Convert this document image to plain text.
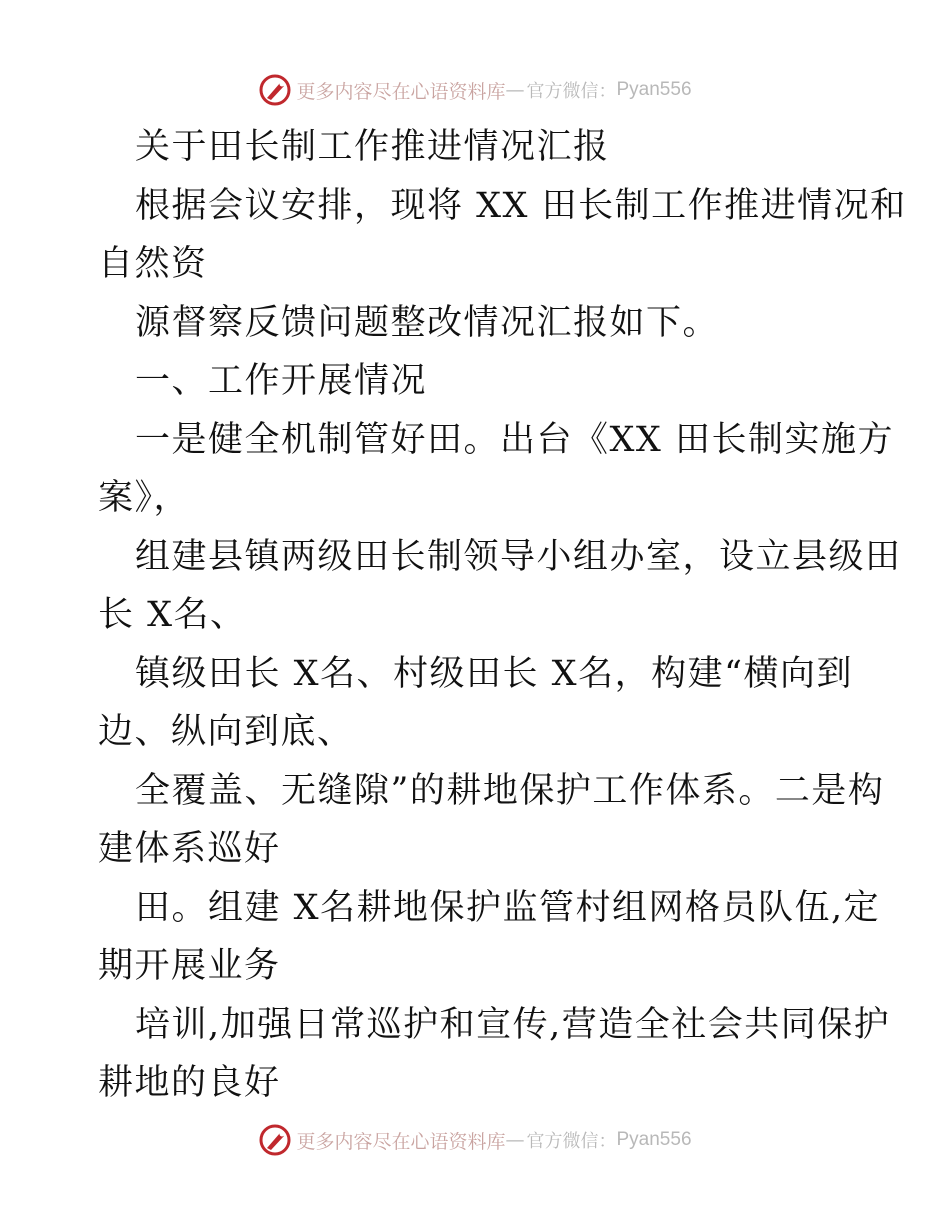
更多内容尽在心语资料库 — 官方微信： Pyan556
关于田长制工作推进情况汇报
根据会议安排，现将 XX 田长制工作推进情况和
自然资
源督察反馈问题整改情况汇报如下。
一、工作开展情况
一是健全机制管好田。出台《XX 田长制实施方
案》，
组建县镇两级田长制领导小组办室，设立县级田
长 X名、
镇级田长 X名、村级田长 X名，构建“横向到
边、纵向到底、
全覆盖、无缝隙”的耕地保护工作体系。二是构
建体系巡好
田。组建 X名耕地保护监管村组网格员队伍,定
期开展业务
培训,加强日常巡护和宣传,营造全社会共同保护
耕地的良好
更多内容尽在心语资料库 — 官方微信： Pyan556
